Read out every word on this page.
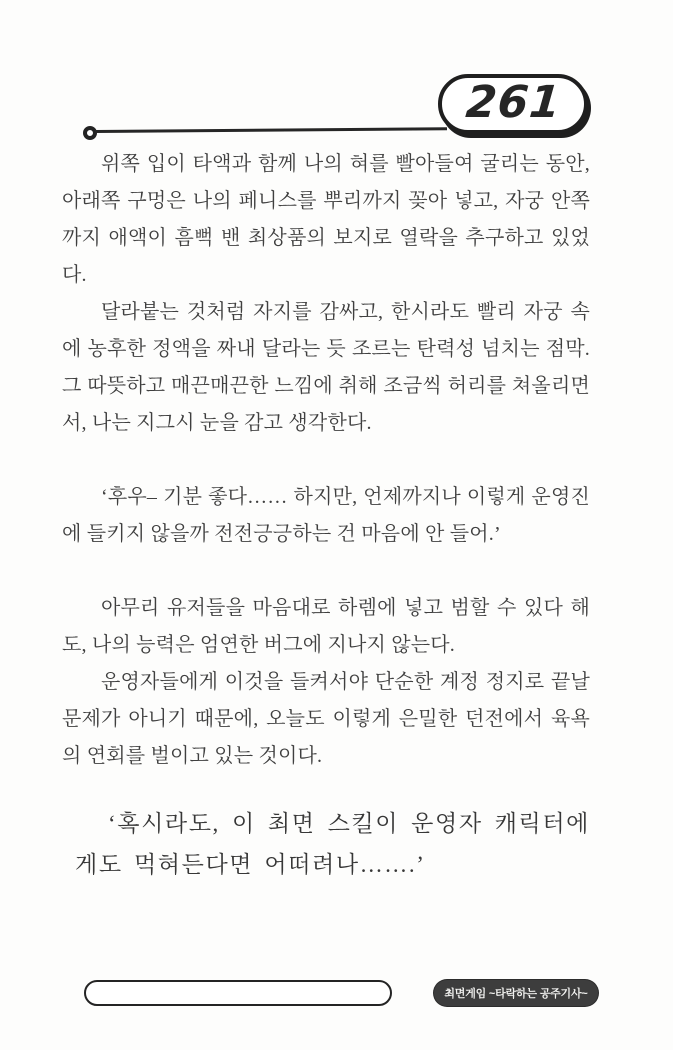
261

위쪽 입이 타액과 함께 나의 혀를 빨아들여 굴리는 동안, 아래쪽 구멍은 나의 페니스를 뿌리까지 꽂아 넣고, 자궁 안쪽까지 애액이 흠뻑 밴 최상품의 보지로 열락을 추구하고 있었다.

달라붙는 것처럼 자지를 감싸고, 한시라도 빨리 자궁 속에 농후한 정액을 짜내 달라는 듯 조르는 탄력성 넘치는 점막. 그 따뜻하고 매끈매끈한 느낌에 취해 조금씩 허리를 쳐올리면서, 나는 지그시 눈을 감고 생각한다.

‘후우– 기분 좋다…… 하지만, 언제까지나 이렇게 운영진에 들키지 않을까 전전긍긍하는 건 마음에 안 들어.’

아무리 유저들을 마음대로 하렘에 넣고 범할 수 있다 해도, 나의 능력은 엄연한 버그에 지나지 않는다.

운영자들에게 이것을 들켜서야 단순한 계정 정지로 끝날 문제가 아니기 때문에, 오늘도 이렇게 은밀한 던전에서 육욕의 연회를 벌이고 있는 것이다.

‘혹시라도, 이 최면 스킬이 운영자 캐릭터에게도 먹혀든다면 어떠려나…….’

최면게임 ~타락하는 공주기사~
